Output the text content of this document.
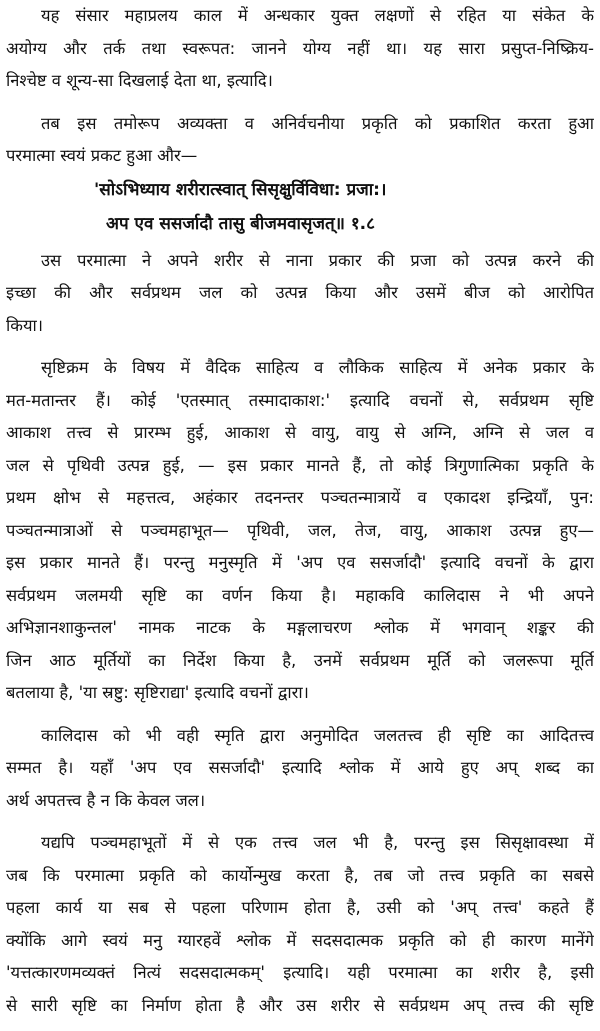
यह संसार महाप्रलय काल में अन्धकार युक्त लक्षणों से रहित या संकेत के
अयोग्य और तर्क तथा स्वरूपत: जानने योग्य नहीं था। यह सारा प्रसुप्त-निष्क्रिय-
निश्चेष्ट व शून्य-सा दिखलाई देता था, इत्यादि।
तब इस तमोरूप अव्यक्ता व अनिर्वचनीया प्रकृति को प्रकाशित करता हुआ
परमात्मा स्वयं प्रकट हुआ और—
'सोऽभिध्याय शरीरात्स्वात् सिसृक्षुर्विविधा: प्रजा:।
अप एव ससर्जादौ तासु बीजमवासृजत्॥ १.८
उस परमात्मा ने अपने शरीर से नाना प्रकार की प्रजा को उत्पन्न करने की
इच्छा की और सर्वप्रथम जल को उत्पन्न किया और उसमें बीज को आरोपित
किया।
सृष्टिक्रम के विषय में वैदिक साहित्य व लौकिक साहित्य में अनेक प्रकार के
मत-मतान्तर हैं। कोई 'एतस्मात् तस्मादाकाश:' इत्यादि वचनों से, सर्वप्रथम सृष्टि
आकाश तत्त्व से प्रारम्भ हुई, आकाश से वायु, वायु से अग्नि, अग्नि से जल व
जल से पृथिवी उत्पन्न हुई, — इस प्रकार मानते हैं, तो कोई त्रिगुणात्मिका प्रकृति के
प्रथम क्षोभ से महत्तत्व, अहंकार तदनन्तर पञ्चतन्मात्रायें व एकादश इन्द्रियाँ, पुन:
पञ्चतन्मात्राओं से पञ्चमहाभूत— पृथिवी, जल, तेज, वायु, आकाश उत्पन्न हुए—
इस प्रकार मानते हैं। परन्तु मनुस्मृति में 'अप एव ससर्जादौ' इत्यादि वचनों के द्वारा
सर्वप्रथम जलमयी सृष्टि का वर्णन किया है। महाकवि कालिदास ने भी अपने
अभिज्ञानशाकुन्तल' नामक नाटक के मङ्गलाचरण श्लोक में भगवान् शङ्कर की
जिन आठ मूर्तियों का निर्देश किया है, उनमें सर्वप्रथम मूर्ति को जलरूपा मूर्ति
बतलाया है, 'या स्रष्टु: सृष्टिराद्या' इत्यादि वचनों द्वारा।
कालिदास को भी वही स्मृति द्वारा अनुमोदित जलतत्त्व ही सृष्टि का आदितत्त्व
सम्मत है। यहाँ 'अप एव ससर्जादौ' इत्यादि श्लोक में आये हुए अप् शब्द का
अर्थ अपतत्त्व है न कि केवल जल।
यद्यपि पञ्चमहाभूतों में से एक तत्त्व जल भी है, परन्तु इस सिसृक्षावस्था में
जब कि परमात्मा प्रकृति को कार्योन्मुख करता है, तब जो तत्त्व प्रकृति का सबसे
पहला कार्य या सब से पहला परिणाम होता है, उसी को 'अप् तत्त्व' कहते हैं
क्योंकि आगे स्वयं मनु ग्यारहवें श्लोक में सदसदात्मक प्रकृति को ही कारण मानेंगे
'यत्तत्कारणमव्यक्तं नित्यं सदसदात्मकम्' इत्यादि। यही परमात्मा का शरीर है, इसी
से सारी सृष्टि का निर्माण होता है और उस शरीर से सर्वप्रथम अप् तत्त्व की सृष्टि
